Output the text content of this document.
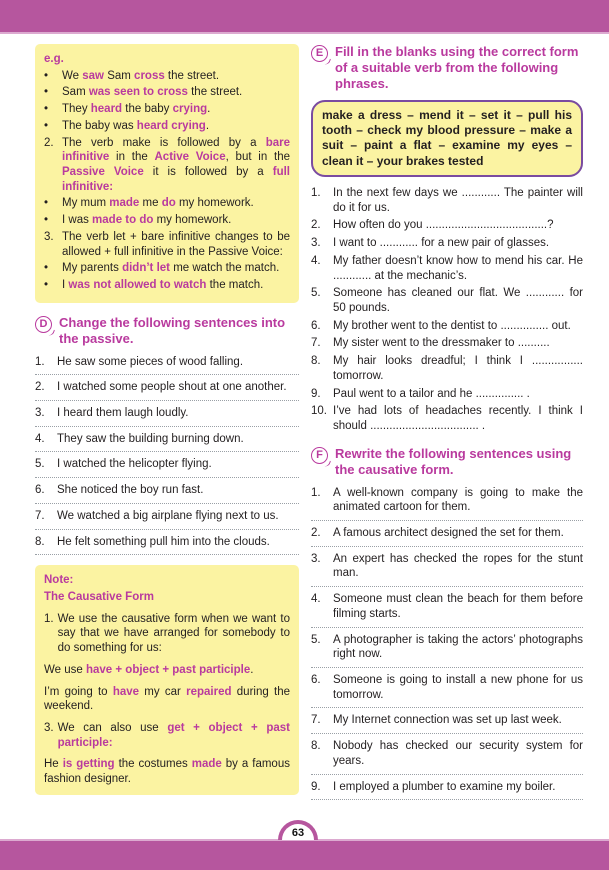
63
e.g.
•	We saw Sam cross the street.
•	Sam was seen to cross the street.
•	They heard the baby crying.
•	The baby was heard crying.
2. The verb make is followed by a bare infinitive in the Active Voice, but in the Passive Voice it is followed by a full infinitive:
•	My mum made me do my homework.
•	I was made to do my homework.
3. The verb let + bare infinitive changes to be allowed + full infinitive in the Passive Voice:
•	My parents didn’t let me watch the match.
•	I was not allowed to watch the match.
D Change the following sentences into the passive.
1.	He saw some pieces of wood falling.
2.	I watched some people shout at one another.
3.	I heard them laugh loudly.
4.	They saw the building burning down.
5.	I watched the helicopter flying.
6.	She noticed the boy run fast.
7.	We watched a big airplane flying next to us.
8.	He felt something pull him into the clouds.
Note:
The Causative Form
1. We use the causative form when we want to say that we have arranged for somebody to do something for us:
We use have + object + past participle.
I’m going to have my car repaired during the weekend.
3. We can also use get + object + past participle:
He is getting the costumes made by a famous fashion designer.
E Fill in the blanks using the correct form of a suitable verb from the following phrases.
make a dress – mend it – set it – pull his tooth – check my blood pressure – make a suit – paint a flat – examine my eyes – clean it – your brakes tested
1.	In the next few days we ............ The painter will do it for us.
2.	How often do you ......................................?
3.	I want to ............ for a new pair of glasses.
4.	My father doesn’t know how to mend his car. He ............ at the mechanic’s.
5.	Someone has cleaned our flat. We ............ for 50 pounds.
6.	My brother went to the dentist to ............... out.
7.	My sister went to the dressmaker to ..........
8.	My hair looks dreadful; I think I ................ tomorrow.
9.	Paul went to a tailor and he ............... .
10. I’ve had lots of headaches recently. I think I should .................................. .
F Rewrite the following sentences using the causative form.
1.	A well-known company is going to make the animated cartoon for them.
2.	A famous architect designed the set for them.
3.	An expert has checked the ropes for the stunt man.
4.	Someone must clean the beach for them before filming starts.
5.	A photographer is taking the actors’ photographs right now.
6.	Someone is going to install a new phone for us tomorrow.
7.	My Internet connection was set up last week.
8.	Nobody has checked our security system for years.
9.	I employed a plumber to examine my boiler.
